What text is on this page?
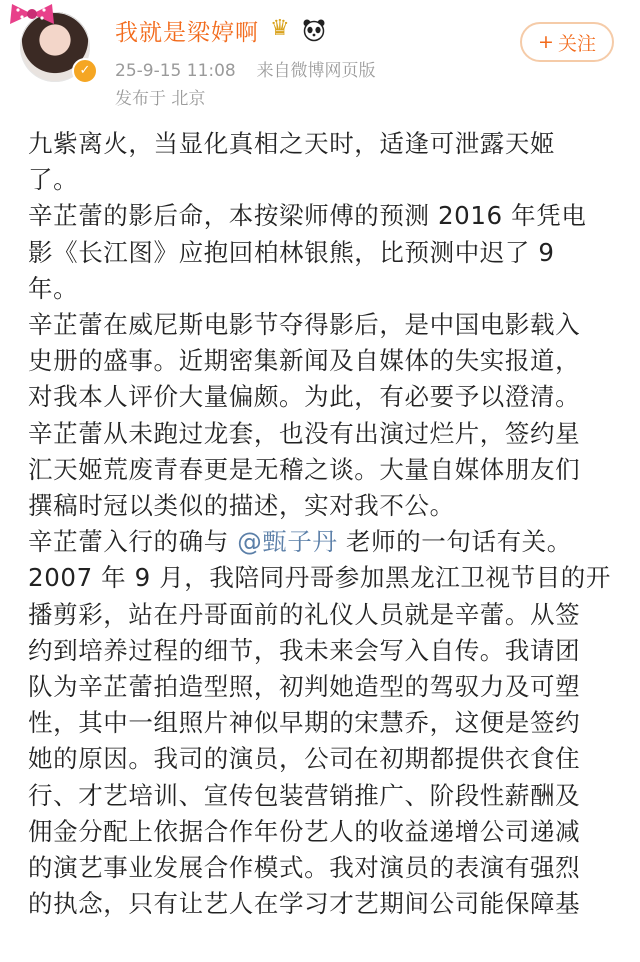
✓
我就是梁婷啊 ♛
25-9-15 11:08 来自微博网页版
发布于 北京
+ 关注

九紫离火，当显化真相之天时，适逢可泄露天姬

了。

辛芷蕾的影后命，本按梁师傅的预测 2016 年凭电

影《长江图》应抱回柏林银熊，比预测中迟了 9

年。

辛芷蕾在威尼斯电影节夺得影后，是中国电影载入

史册的盛事。近期密集新闻及自媒体的失实报道，

对我本人评价大量偏颇。为此，有必要予以澄清。

辛芷蕾从未跑过龙套，也没有出演过烂片，签约星

汇天姬荒废青春更是无稽之谈。大量自媒体朋友们

撰稿时冠以类似的描述，实对我不公。

辛芷蕾入行的确与 @甄子丹 老师的一句话有关。

2007 年 9 月，我陪同丹哥参加黑龙江卫视节目的开

播剪彩，站在丹哥面前的礼仪人员就是辛蕾。从签

约到培养过程的细节，我未来会写入自传。我请团

队为辛芷蕾拍造型照，初判她造型的驾驭力及可塑

性，其中一组照片神似早期的宋慧乔，这便是签约

她的原因。我司的演员，公司在初期都提供衣食住

行、才艺培训、宣传包装营销推广、阶段性薪酬及

佣金分配上依据合作年份艺人的收益递增公司递减

的演艺事业发展合作模式。我对演员的表演有强烈

的执念，只有让艺人在学习才艺期间公司能保障基
